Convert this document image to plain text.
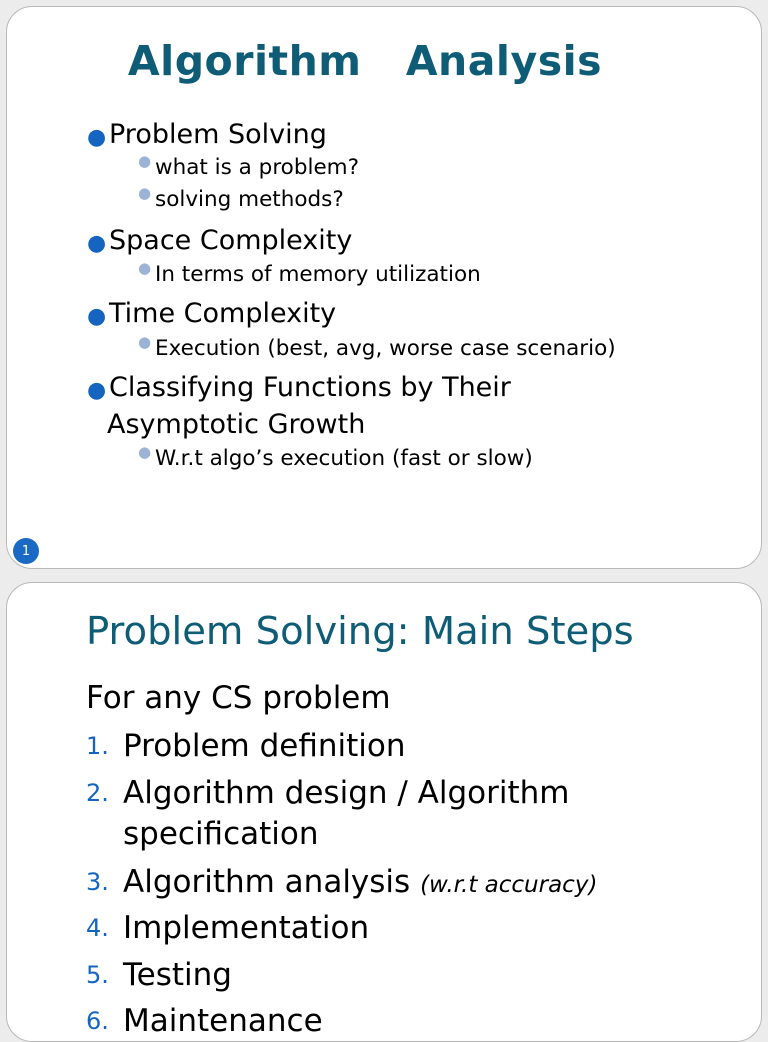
Algorithm   Analysis
● Problem Solving
● what is a problem?
● solving methods?
● Space Complexity
● In terms of memory utilization
● Time Complexity
● Execution (best, avg, worse case scenario)
● Classifying Functions by Their
Asymptotic Growth
● W.r.t algo’s execution (fast or slow)
1
Problem Solving: Main Steps
For any CS problem
1. Problem definition
2. Algorithm design / Algorithm
specification
3. Algorithm analysis (w.r.t accuracy)
4. Implementation
5. Testing
6. Maintenance
